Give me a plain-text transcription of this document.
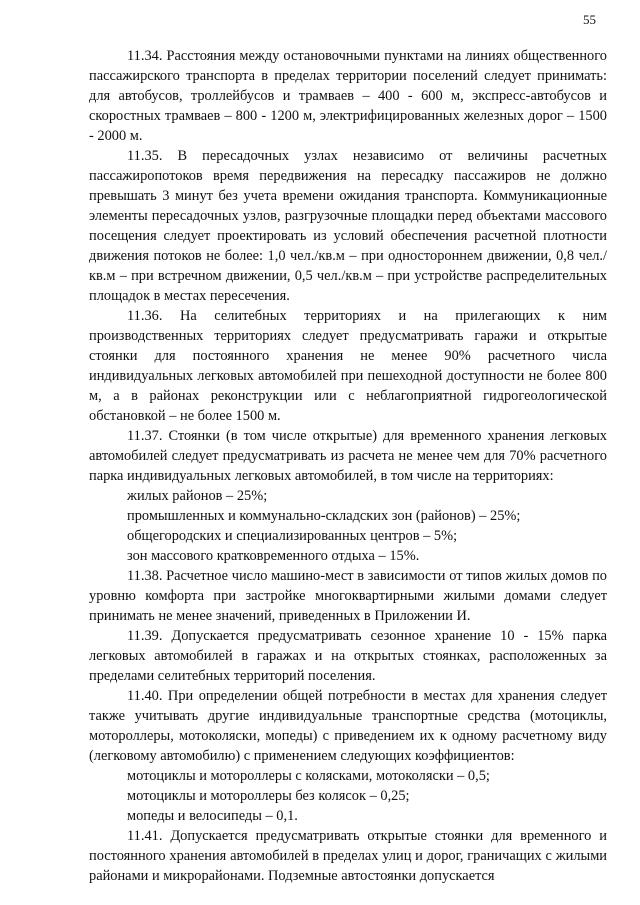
55

11.34. Расстояния между остановочными пунктами на линиях общественного пассажирского транспорта в пределах территории поселений следует принимать: для автобусов, троллейбусов и трамваев – 400 - 600 м, экспресс-автобусов и скоростных трамваев – 800 - 1200 м, электрифицированных железных дорог – 1500 - 2000 м.

11.35. В пересадочных узлах независимо от величины расчетных пассажиропотоков время передвижения на пересадку пассажиров не должно превышать 3 минут без учета времени ожидания транспорта. Коммуникационные элементы пересадочных узлов, разгрузочные площадки перед объектами массового посещения следует проектировать из условий обеспечения расчетной плотности движения потоков не более: 1,0 чел./кв.м – при одностороннем движении, 0,8 чел./кв.м – при встречном движении, 0,5 чел./кв.м – при устройстве распределительных площадок в местах пересечения.

11.36. На селитебных территориях и на прилегающих к ним производственных территориях следует предусматривать гаражи и открытые стоянки для постоянного хранения не менее 90% расчетного числа индивидуальных легковых автомобилей при пешеходной доступности не более 800 м, а в районах реконструкции или с неблагоприятной гидрогеологической обстановкой – не более 1500 м.

11.37. Стоянки (в том числе открытые) для временного хранения легковых автомобилей следует предусматривать из расчета не менее чем для 70% расчетного парка индивидуальных легковых автомобилей, в том числе на территориях:

жилых районов – 25%;

промышленных и коммунально-складских зон (районов) – 25%;

общегородских и специализированных центров – 5%;

зон массового кратковременного отдыха – 15%.

11.38. Расчетное число машино-мест в зависимости от типов жилых домов по уровню комфорта при застройке многоквартирными жилыми домами следует принимать не менее значений, приведенных в Приложении И.

11.39. Допускается предусматривать сезонное хранение 10 - 15% парка легковых автомобилей в гаражах и на открытых стоянках, расположенных за пределами селитебных территорий поселения.

11.40. При определении общей потребности в местах для хранения следует также учитывать другие индивидуальные транспортные средства (мотоциклы, мотороллеры, мотоколяски, мопеды) с приведением их к одному расчетному виду (легковому автомобилю) с применением следующих коэффициентов:

мотоциклы и мотороллеры с колясками, мотоколяски – 0,5;

мотоциклы и мотороллеры без колясок – 0,25;

мопеды и велосипеды – 0,1.

11.41. Допускается предусматривать открытые стоянки для временного и постоянного хранения автомобилей в пределах улиц и дорог, граничащих с жилыми районами и микрорайонами. Подземные автостоянки допускается
